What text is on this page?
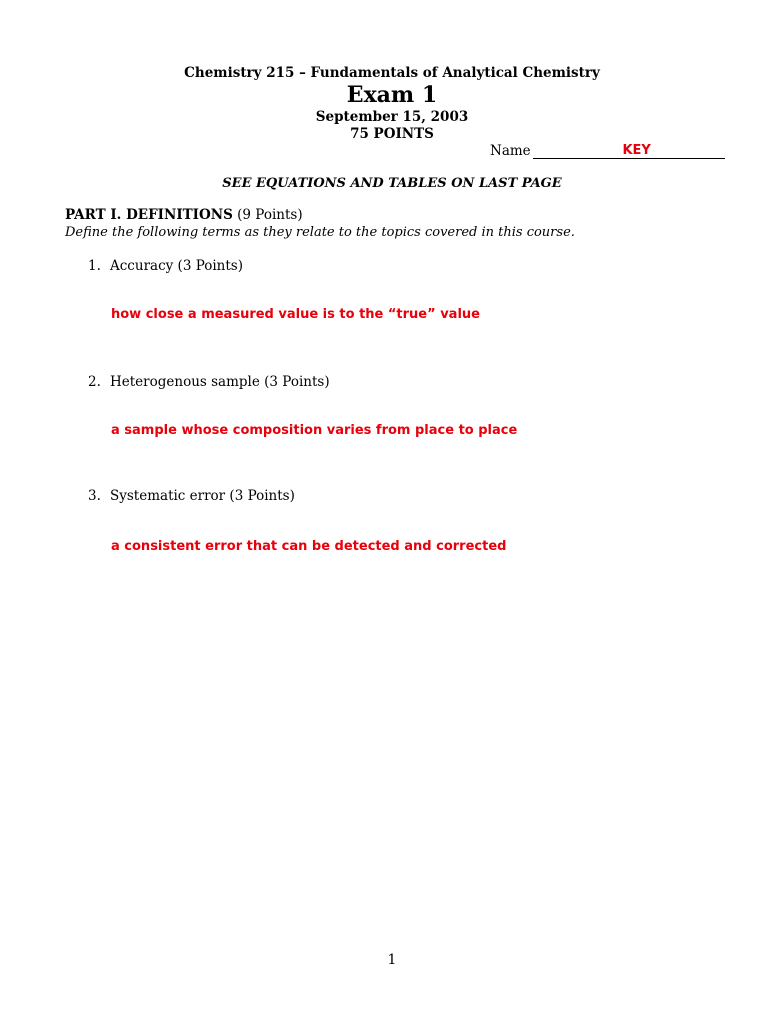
Chemistry 215 – Fundamentals of Analytical Chemistry
Exam 1
September 15, 2003
75 POINTS
Name	KEY
SEE EQUATIONS AND TABLES ON LAST PAGE
PART I. DEFINITIONS (9 Points)
Define the following terms as they relate to the topics covered in this course.
1. Accuracy (3 Points)
how close a measured value is to the “true” value
2. Heterogenous sample (3 Points)
a sample whose composition varies from place to place
3. Systematic error (3 Points)
a consistent error that can be detected and corrected
1
